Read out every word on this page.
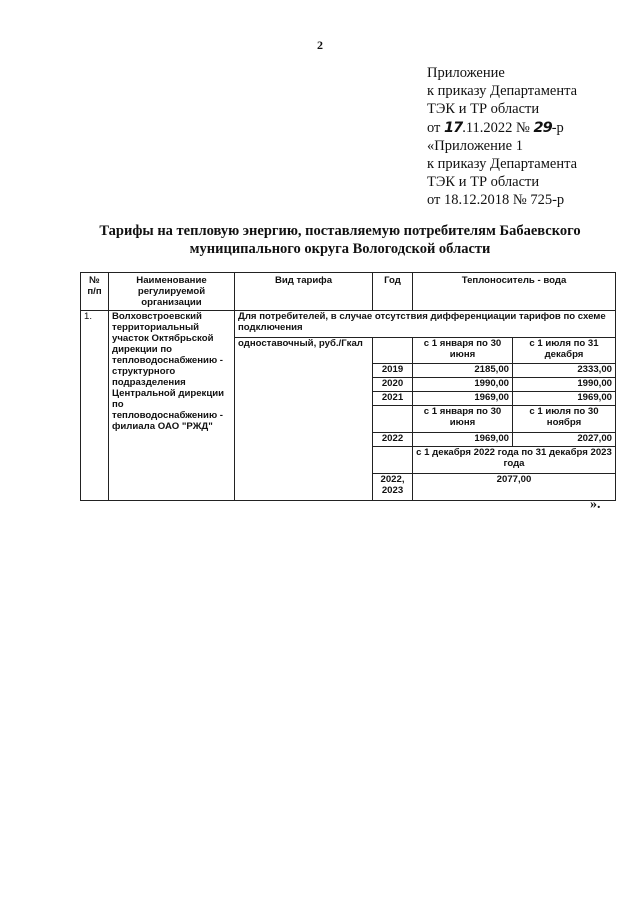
2
Приложение
к приказу Департамента
ТЭК и ТР области
от 17.11.2022 № 29-р
«Приложение 1
к приказу Департамента
ТЭК и ТР области
от 18.12.2018 № 725-р
Тарифы на тепловую энергию, поставляемую потребителям Бабаевского
муниципального округа Вологодской области
№ п/п	Наименование регулируемой организации	Вид тарифа	Год	Теплоноситель - вода	
1.	Волховстроевский территориальный участок Октябрьской дирекции по тепловодоснабжению - структурного подразделения Центральной дирекции по тепловодоснабжению - филиала ОАО "РЖД"	Для потребителей, в случае отсутствия дифференциации тарифов по схеме подключения			
		одноставочный, руб./Гкал		с 1 января по 30 июня	с 1 июля по 31 декабря
			2019	2185,00	2333,00
			2020	1990,00	1990,00
			2021	1969,00	1969,00
				с 1 января по 30 июня	с 1 июля по 30 ноября
			2022	1969,00	2027,00
				с 1 декабря 2022 года по 31 декабря 2023 года	
			2022, 2023	2077,00	
».
